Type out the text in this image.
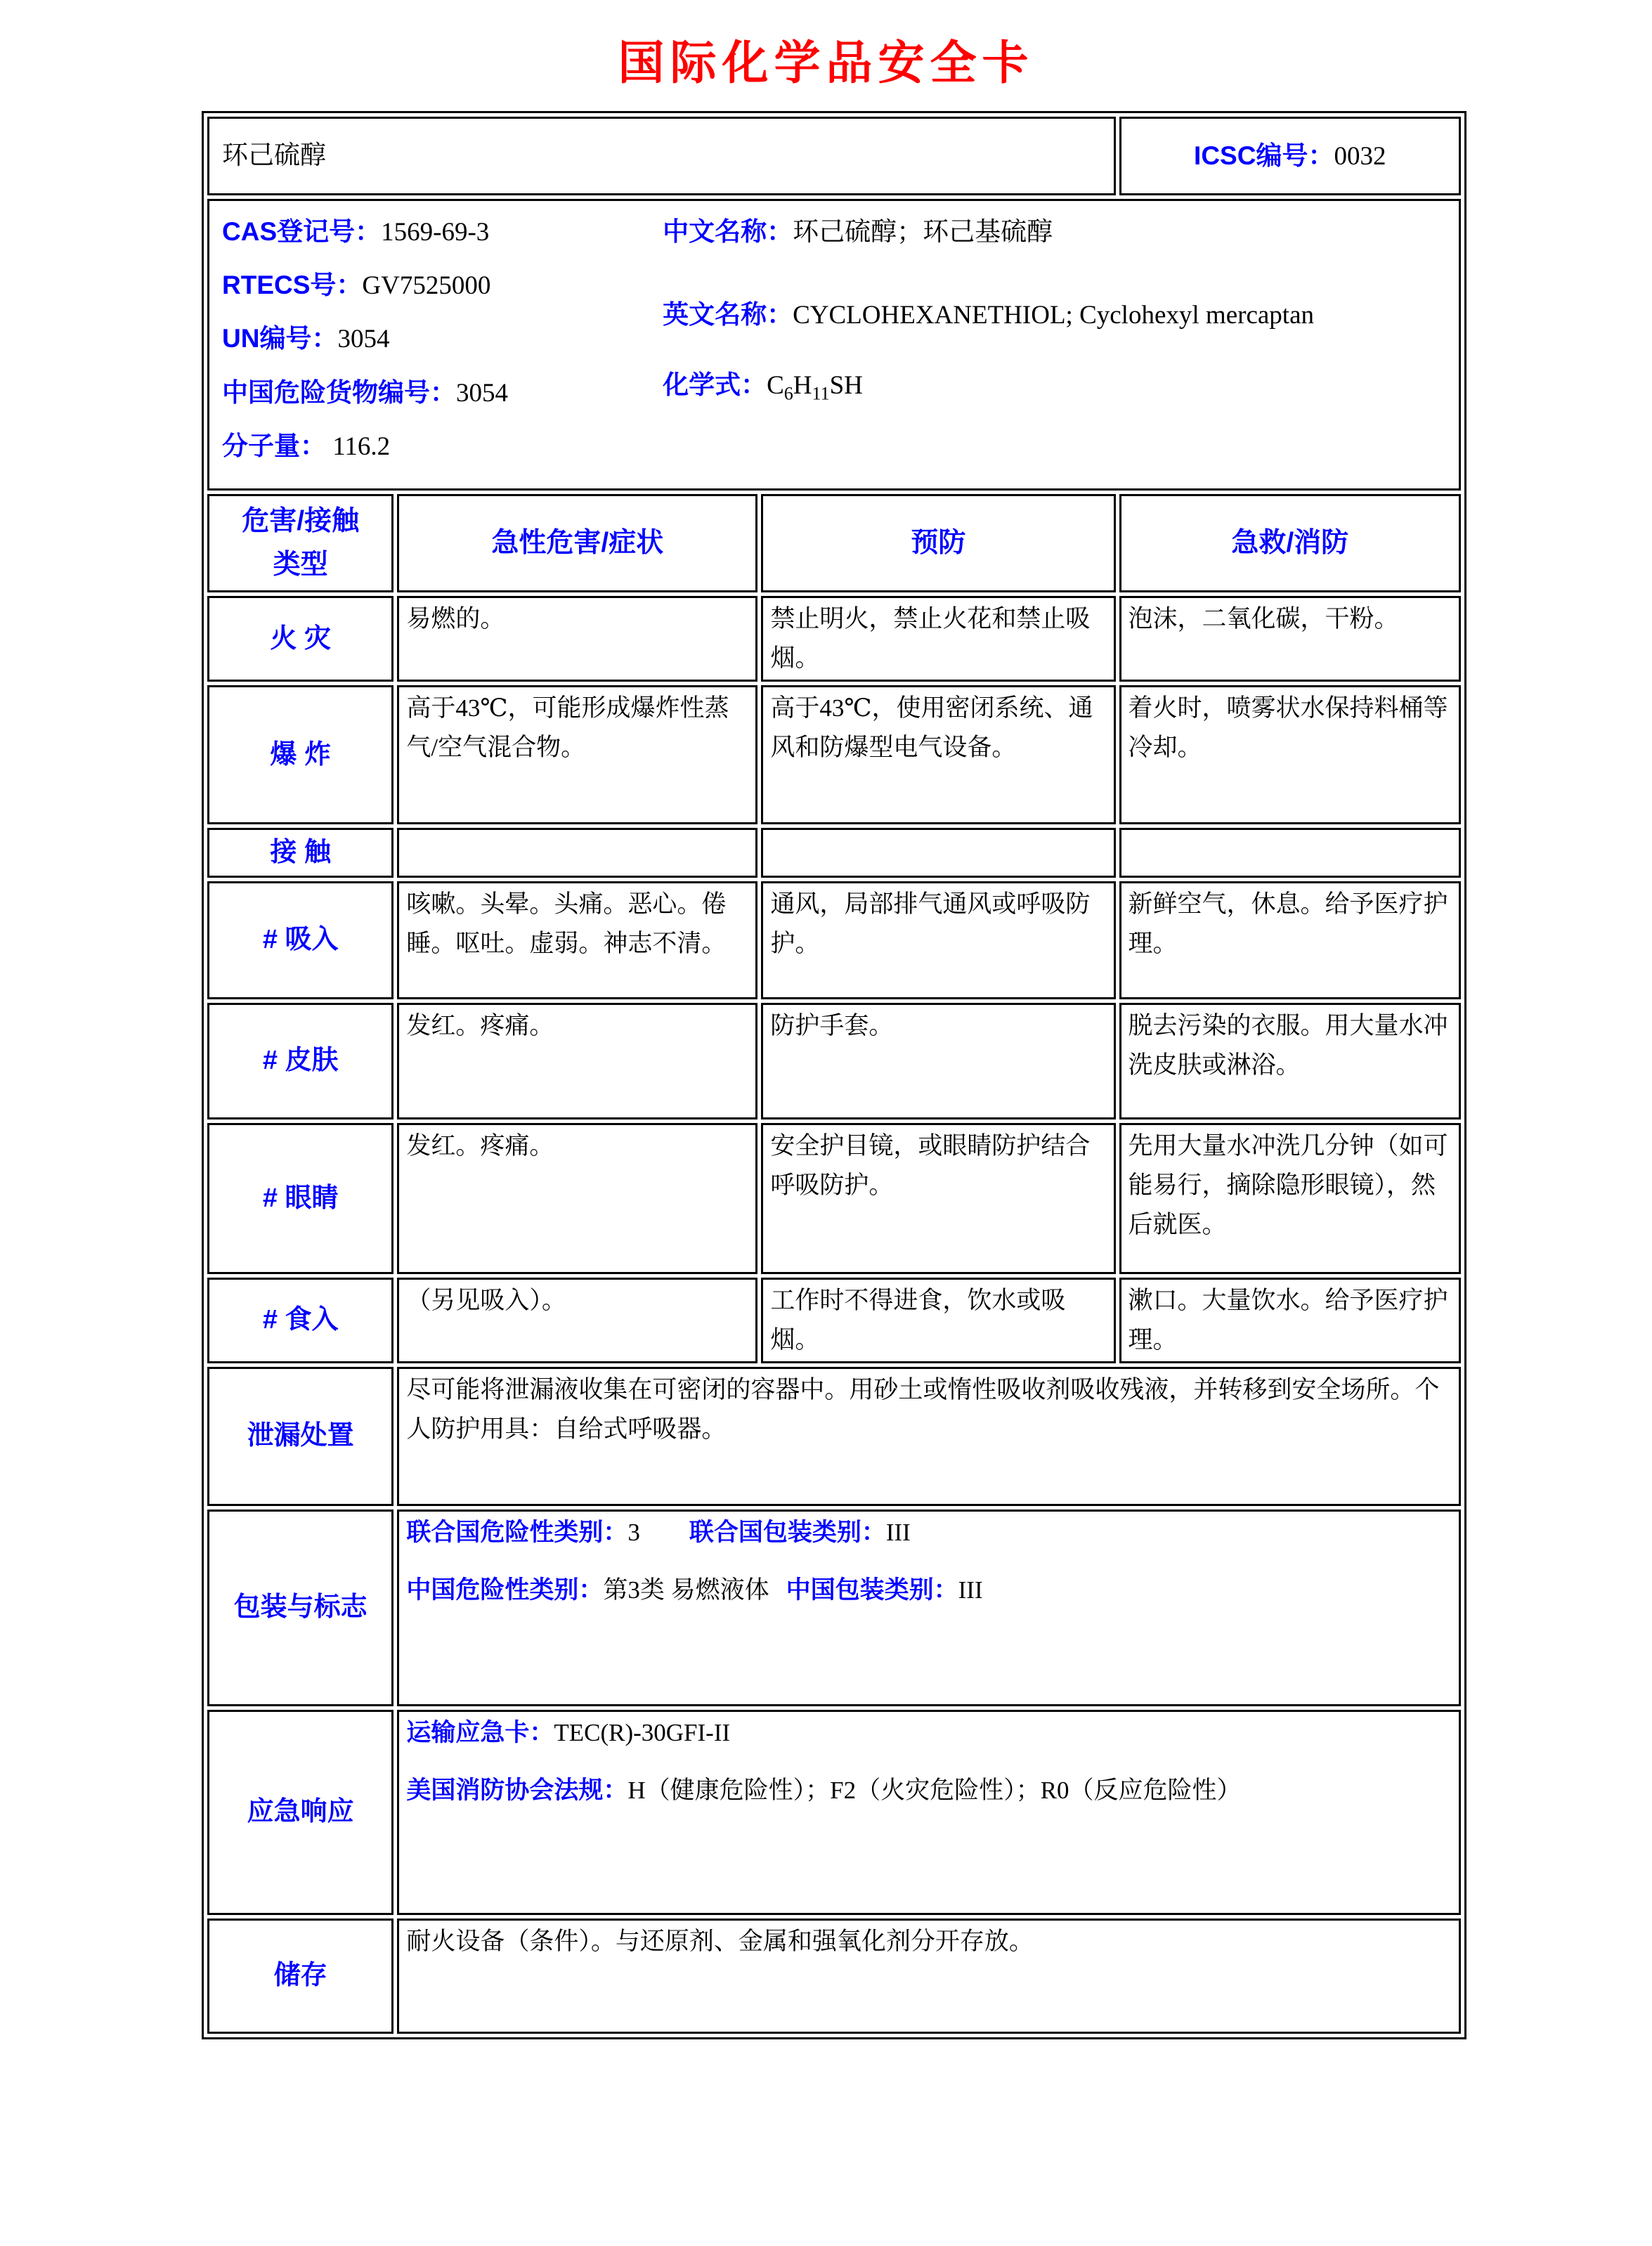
国际化学品安全卡
环己硫醇			ICSC编号：0032

CAS登记号：1569-69-3
RTECS号：GV7525000
UN编号：3054
中国危险货物编号：3054
分子量： 116.2
中文名称：环己硫醇；环己基硫醇
英文名称：CYCLOHEXANETHIOL; Cyclohexyl mercaptan
化学式：$C_6H_{11}SH$

危害/接触
类型	急性危害/症状	预防	急救/消防
火 灾	易燃的。	禁止明火，禁止火花和禁止吸烟。	泡沫，二氧化碳，干粉。
爆 炸	高于43℃，可能形成爆炸性蒸气/空气混合物。	高于43℃，使用密闭系统、通风和防爆型电气设备。	着火时，喷雾状水保持料桶等冷却。
接 触			
# 吸入	咳嗽。头晕。头痛。恶心。倦睡。呕吐。虚弱。神志不清。	通风，局部排气通风或呼吸防护。	新鲜空气，休息。给予医疗护理。
# 皮肤	发红。疼痛。	防护手套。	脱去污染的衣服。用大量水冲洗皮肤或淋浴。
# 眼睛	发红。疼痛。	安全护目镜，或眼睛防护结合呼吸防护。	先用大量水冲洗几分钟（如可能易行，摘除隐形眼镜），然后就医。
# 食入	（另见吸入）。	工作时不得进食，饮水或吸烟。	漱口。大量饮水。给予医疗护理。
泄漏处置	尽可能将泄漏液收集在可密闭的容器中。用砂土或惰性吸收剂吸收残液，并转移到安全场所。个人防护用具：自给式呼吸器。		
包装与标志	联合国危险性类别：3 联合国包装类别：III
中国危险性类别：第3类 易燃液体 中国包装类别：III		

应急响应	运输应急卡：TEC(R)-30GFI-II
美国消防协会法规：H（健康危险性）；F2（火灾危险性）；R0（反应危险性）		

储存	耐火设备（条件）。与还原剂、金属和强氧化剂分开存放。		
